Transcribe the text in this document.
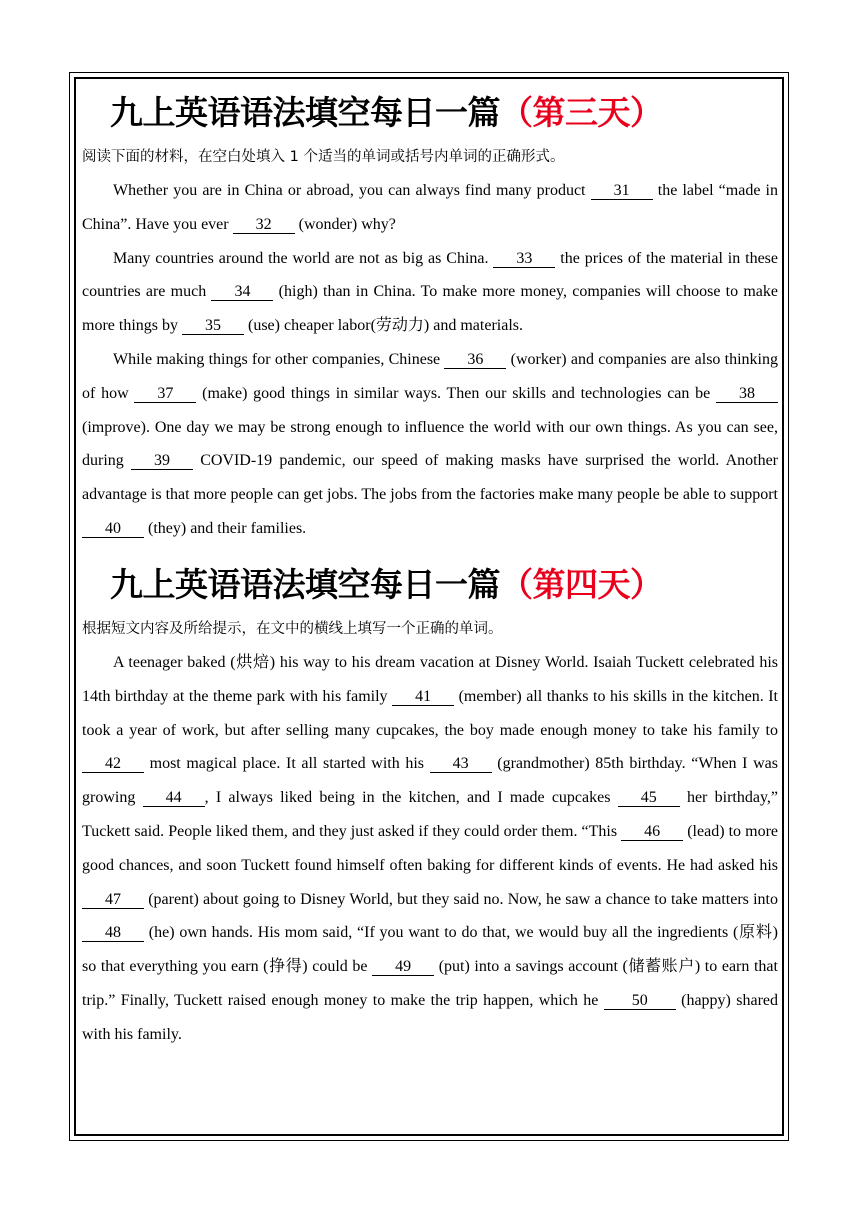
九上英语语法填空每日一篇（第三天）
阅读下面的材料，在空白处填入 1 个适当的单词或括号内单词的正确形式。

Whether you are in China or abroad, you can always find many product 31 the label “made in China”. Have you ever 32 (wonder) why?

Many countries around the world are not as big as China. 33 the prices of the material in these countries are much 34 (high) than in China. To make more money, companies will choose to make more things by 35 (use) cheaper labor(劳动力) and materials.

While making things for other companies, Chinese 36 (worker) and companies are also thinking of how 37 (make) good things in similar ways. Then our skills and technologies can be 38 (improve). One day we may be strong enough to influence the world with our own things. As you can see, during 39 COVID-19 pandemic, our speed of making masks have surprised the world. Another advantage is that more people can get jobs. The jobs from the factories make many people be able to support 40 (they) and their families.

九上英语语法填空每日一篇（第四天）
根据短文内容及所给提示，在文中的横线上填写一个正确的单词。

A teenager baked (烘焙) his way to his dream vacation at Disney World. Isaiah Tuckett celebrated his 14th birthday at the theme park with his family 41 (member) all thanks to his skills in the kitchen. It took a year of work, but after selling many cupcakes, the boy made enough money to take his family to 42 most magical place. It all started with his 43 (grandmother) 85th birthday. “When I was growing 44 , I always liked being in the kitchen, and I made cupcakes 45 her birthday,” Tuckett said. People liked them, and they just asked if they could order them. “This 46 (lead) to more good chances, and soon Tuckett found himself often baking for different kinds of events. He had asked his 47 (parent) about going to Disney World, but they said no. Now, he saw a chance to take matters into 48 (he) own hands. His mom said, “If you want to do that, we would buy all the ingredients (原料) so that everything you earn (挣得) could be 49 (put) into a savings account (储蓄账户) to earn that trip.” Finally, Tuckett raised enough money to make the trip happen, which he 50 (happy) shared with his family.
